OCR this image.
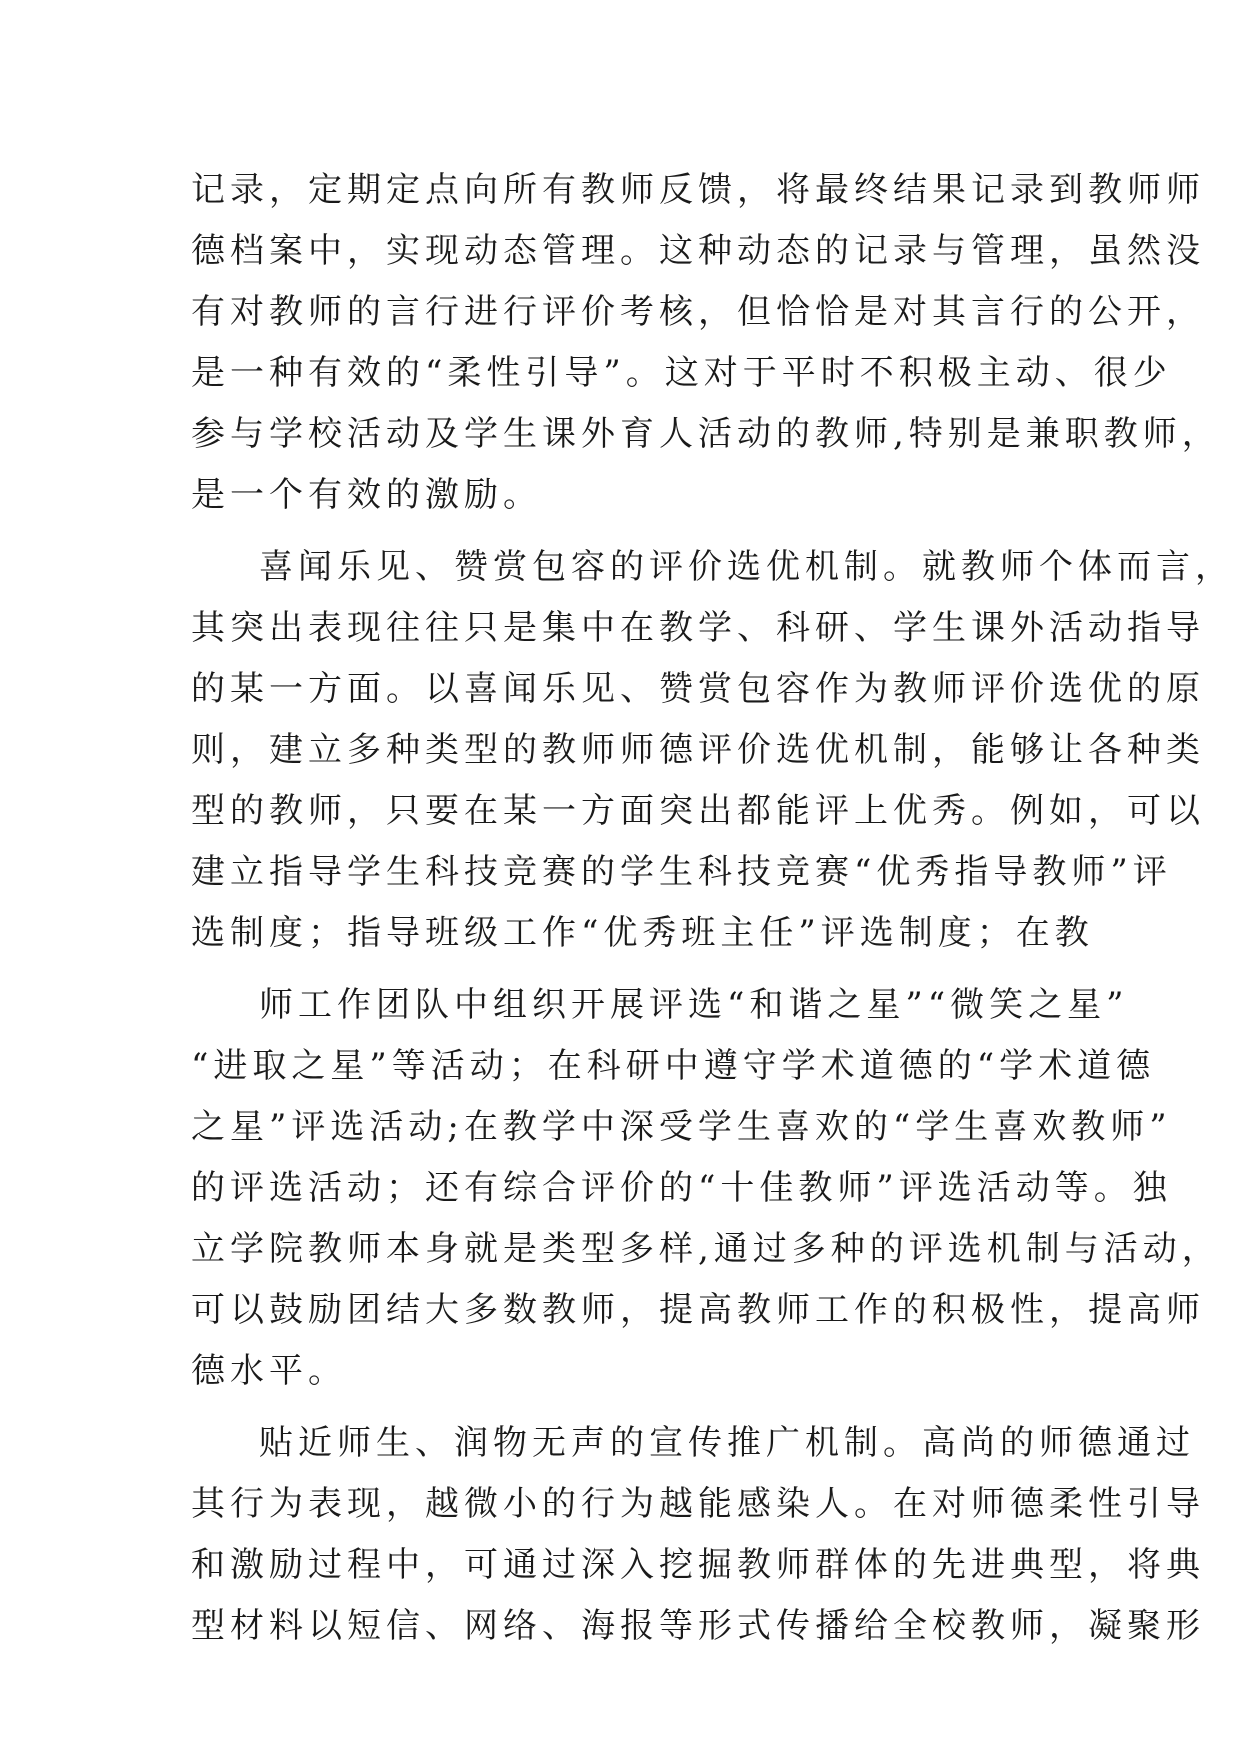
记录，定期定点向所有教师反馈，将最终结果记录到教师师
德档案中，实现动态管理。这种动态的记录与管理，虽然没
有对教师的言行进行评价考核，但恰恰是对其言行的公开，
是一种有效的“柔性引导”。这对于平时不积极主动、很少
参与学校活动及学生课外育人活动的教师,特别是兼职教师，
是一个有效的激励。
喜闻乐见、赞赏包容的评价选优机制。就教师个体而言，
其突出表现往往只是集中在教学、科研、学生课外活动指导
的某一方面。以喜闻乐见、赞赏包容作为教师评价选优的原
则，建立多种类型的教师师德评价选优机制，能够让各种类
型的教师，只要在某一方面突出都能评上优秀。例如，可以
建立指导学生科技竞赛的学生科技竞赛“优秀指导教师”评
选制度；指导班级工作“优秀班主任”评选制度；在教
师工作团队中组织开展评选“和谐之星”“微笑之星”
“进取之星”等活动；在科研中遵守学术道德的“学术道德
之星”评选活动;在教学中深受学生喜欢的“学生喜欢教师”
的评选活动；还有综合评价的“十佳教师”评选活动等。独
立学院教师本身就是类型多样,通过多种的评选机制与活动，
可以鼓励团结大多数教师，提高教师工作的积极性，提高师
德水平。
贴近师生、润物无声的宣传推广机制。高尚的师德通过
其行为表现，越微小的行为越能感染人。在对师德柔性引导
和激励过程中，可通过深入挖掘教师群体的先进典型，将典
型材料以短信、网络、海报等形式传播给全校教师，凝聚形
